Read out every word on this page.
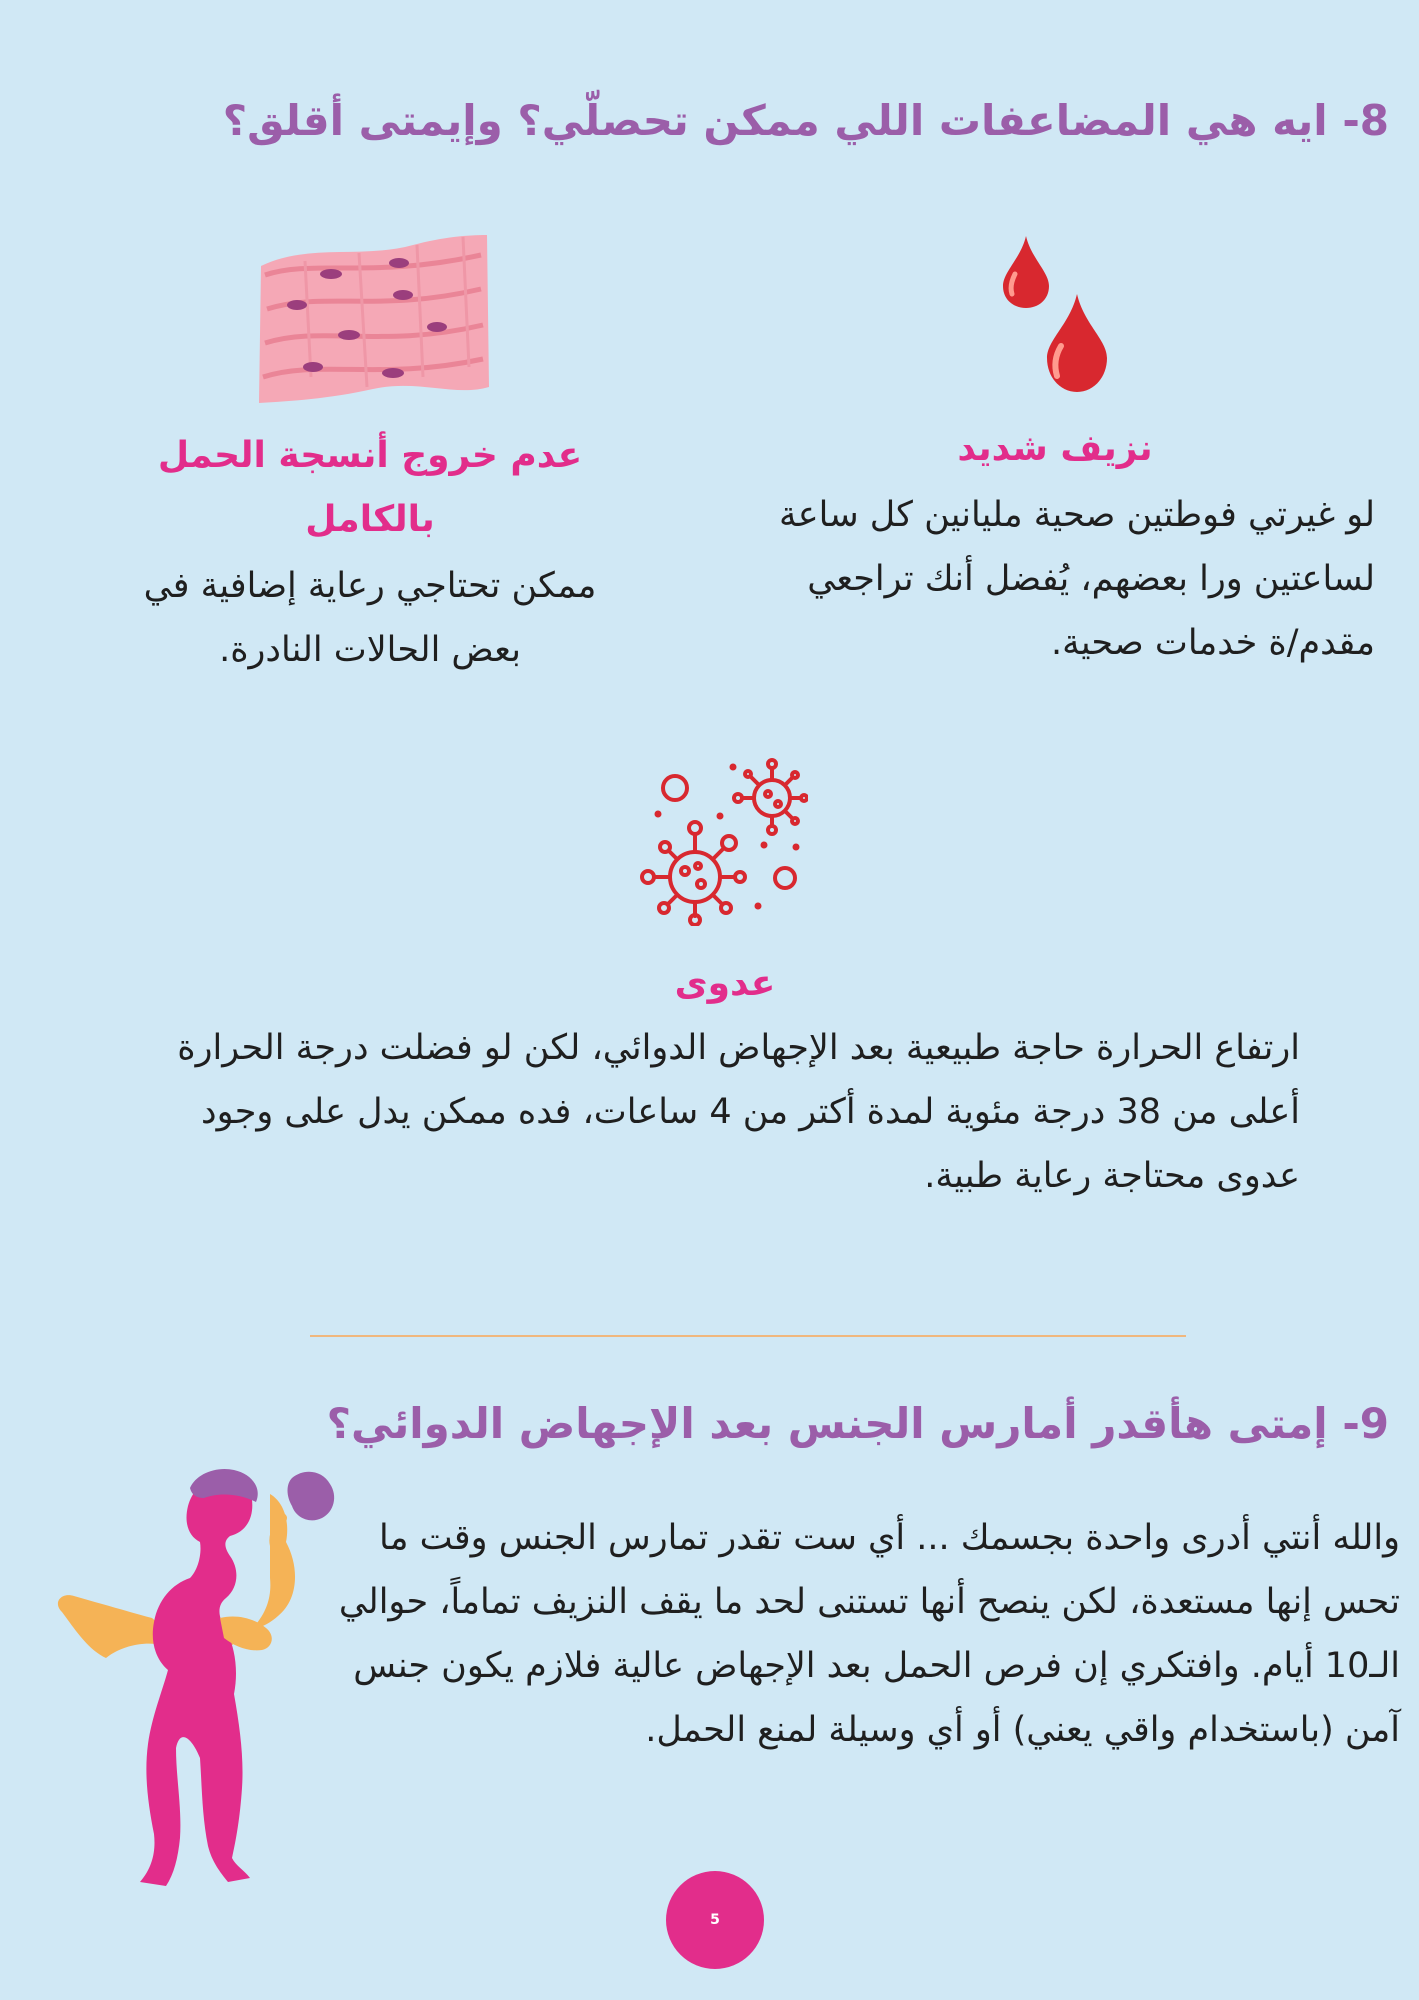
8- ايه هي المضاعفات اللي ممكن تحصلّي؟ وإيمتى أقلق؟
نزيف شديد
لو غيرتي فوطتين صحية مليانين كل ساعة لساعتين ورا بعضهم، يُفضل أنك تراجعي مقدم/ة خدمات صحية.
عدم خروج أنسجة الحمل بالكامل
ممكن تحتاجي رعاية إضافية في بعض الحالات النادرة.
عدوى
ارتفاع الحرارة حاجة طبيعية بعد الإجهاض الدوائي، لكن لو فضلت درجة الحرارة أعلى من 38 درجة مئوية لمدة أكتر من 4 ساعات، فده ممكن يدل على وجود عدوى محتاجة رعاية طبية.
9- إمتى هأقدر أمارس الجنس بعد الإجهاض الدوائي؟
والله أنتي أدرى واحدة بجسمك ... أي ست تقدر تمارس الجنس وقت ما تحس إنها مستعدة، لكن ينصح أنها تستنى لحد ما يقف النزيف تماماً، حوالي الـ10 أيام. وافتكري إن فرص الحمل بعد الإجهاض عالية فلازم يكون جنس آمن (باستخدام واقي يعني) أو أي وسيلة لمنع الحمل.
5
